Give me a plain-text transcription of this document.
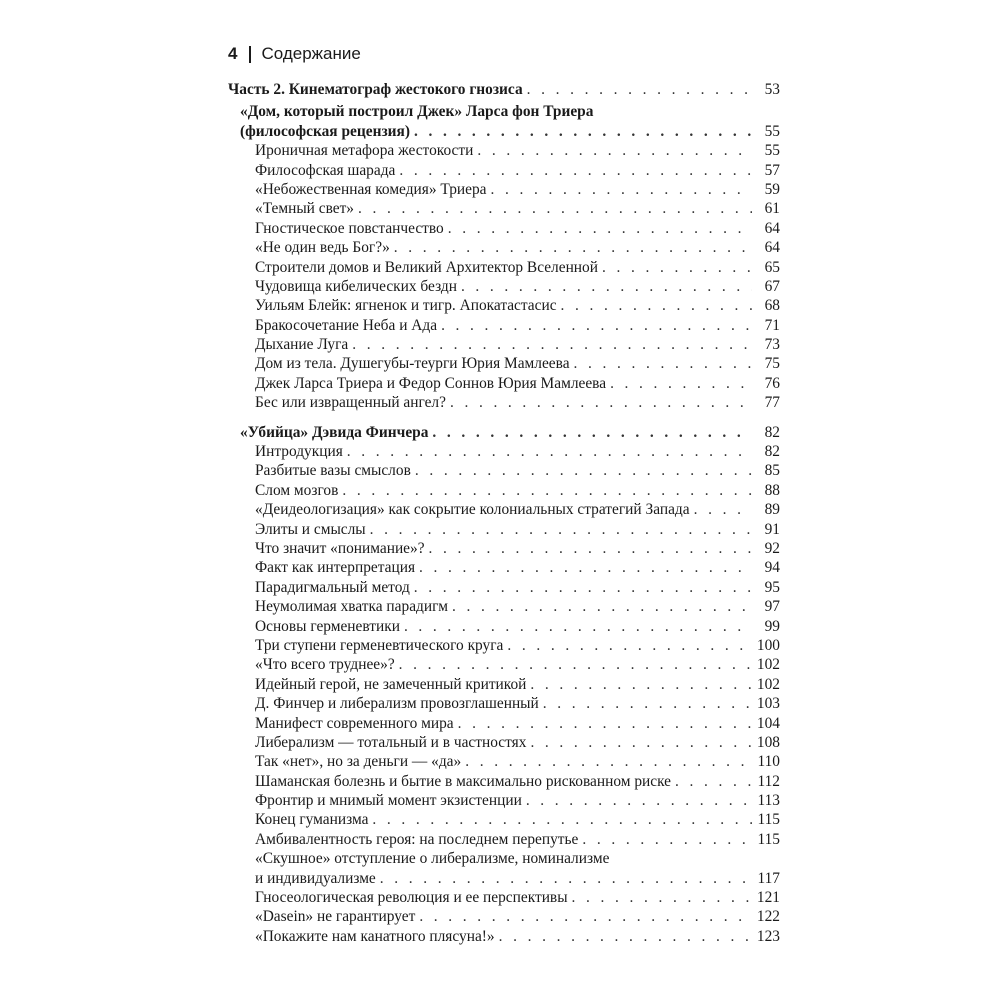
4 Содержание
Часть 2. Кинематограф жестокого гнозиса . . .	53
«Дом, который построил Джек» Ларса фон Триера
(философская рецензия) . . .	55
Ироничная метафора жестокости . . .	55
Философская шарада . . .	57
«Небожественная комедия» Триера . . .	59
«Темный свет» . . .	61
Гностическое повстанчество . . .	64
«Не один ведь Бог?» . . .	64
Строители домов и Великий Архитектор Вселенной . . .	65
Чудовища кибелических бездн . . .	67
Уильям Блейк: ягненок и тигр. Апокатастасис . . .	68
Бракосочетание Неба и Ада . . .	71
Дыхание Луга . . .	73
Дом из тела. Душегубы-теурги Юрия Мамлеева . . .	75
Джек Ларса Триера и Федор Соннов Юрия Мамлеева . . .	76
Бес или извращенный ангел? . . .	77
«Убийца» Дэвида Финчера . . .	82
Интродукция . . .	82
Разбитые вазы смыслов . . .	85
Слом мозгов . . .	88
«Деидеологизация» как сокрытие колониальных стратегий Запада . . .	89
Элиты и смыслы . . .	91
Что значит «понимание»? . . .	92
Факт как интерпретация . . .	94
Парадигмальный метод . . .	95
Неумолимая хватка парадигм . . .	97
Основы герменевтики . . .	99
Три ступени герменевтического круга . . .	100
«Что всего труднее»? . . .	102
Идейный герой, не замеченный критикой . . .	102
Д. Финчер и либерализм провозглашенный . . .	103
Манифест современного мира . . .	104
Либерализм — тотальный и в частностях . . .	108
Так «нет», но за деньги — «да» . . .	110
Шаманская болезнь и бытие в максимально рискованном риске . . .	112
Фронтир и мнимый момент экзистенции . . .	113
Конец гуманизма . . .	115
Амбивалентность героя: на последнем перепутье . . .	115
«Скушное» отступление о либерализме, номинализме
и индивидуализме . . .	117
Гносеологическая революция и ее перспективы . . .	121
«Dasein» не гарантирует . . .	122
«Покажите нам канатного плясуна!» . . .	123
